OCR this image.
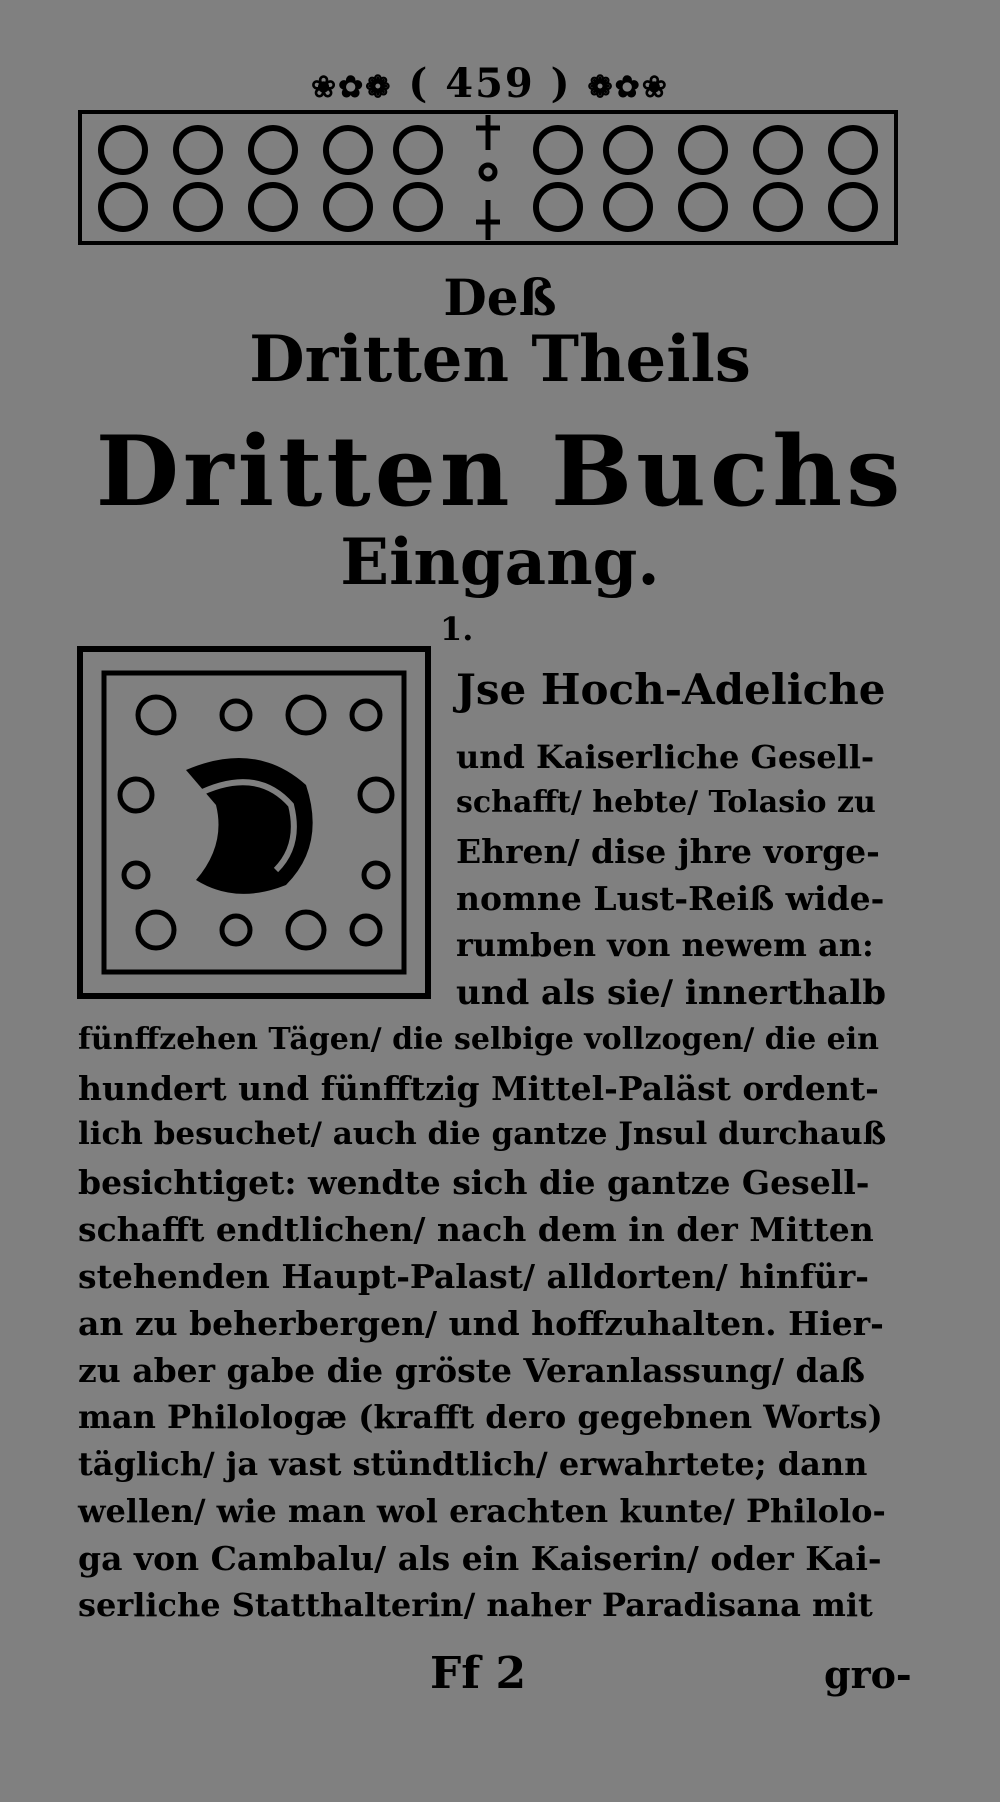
❀✿❁ ( 459 ) ❁✿❀
Deß
Dritten Theils
Dritten Buchs
Eingang.
1.
Jse Hoch-Adeliche
und Kaiserliche Gesell-
schafft/ hebte/ Tolasio zu
Ehren/ dise jhre vorge-
nomne Lust-Reiß wide-
rumben von newem an:
und als sie/ innerthalb
fünffzehen Tägen/ die selbige vollzogen/ die ein
hundert und fünfftzig Mittel-Paläst ordent-
lich besuchet/ auch die gantze Jnsul durchauß
besichtiget: wendte sich die gantze Gesell-
schafft endtlichen/ nach dem in der Mitten
stehenden Haupt-Palast/ alldorten/ hinfür-
an zu beherbergen/ und hoffzuhalten. Hier-
zu aber gabe die gröste Veranlassung/ daß
man Philologæ (krafft dero gegebnen Worts)
täglich/ ja vast stündtlich/ erwahrtete; dann
wellen/ wie man wol erachten kunte/ Philolo-
ga von Cambalu/ als ein Kaiserin/ oder Kai-
serliche Statthalterin/ naher Paradisana mit
Ff 2	gro-
